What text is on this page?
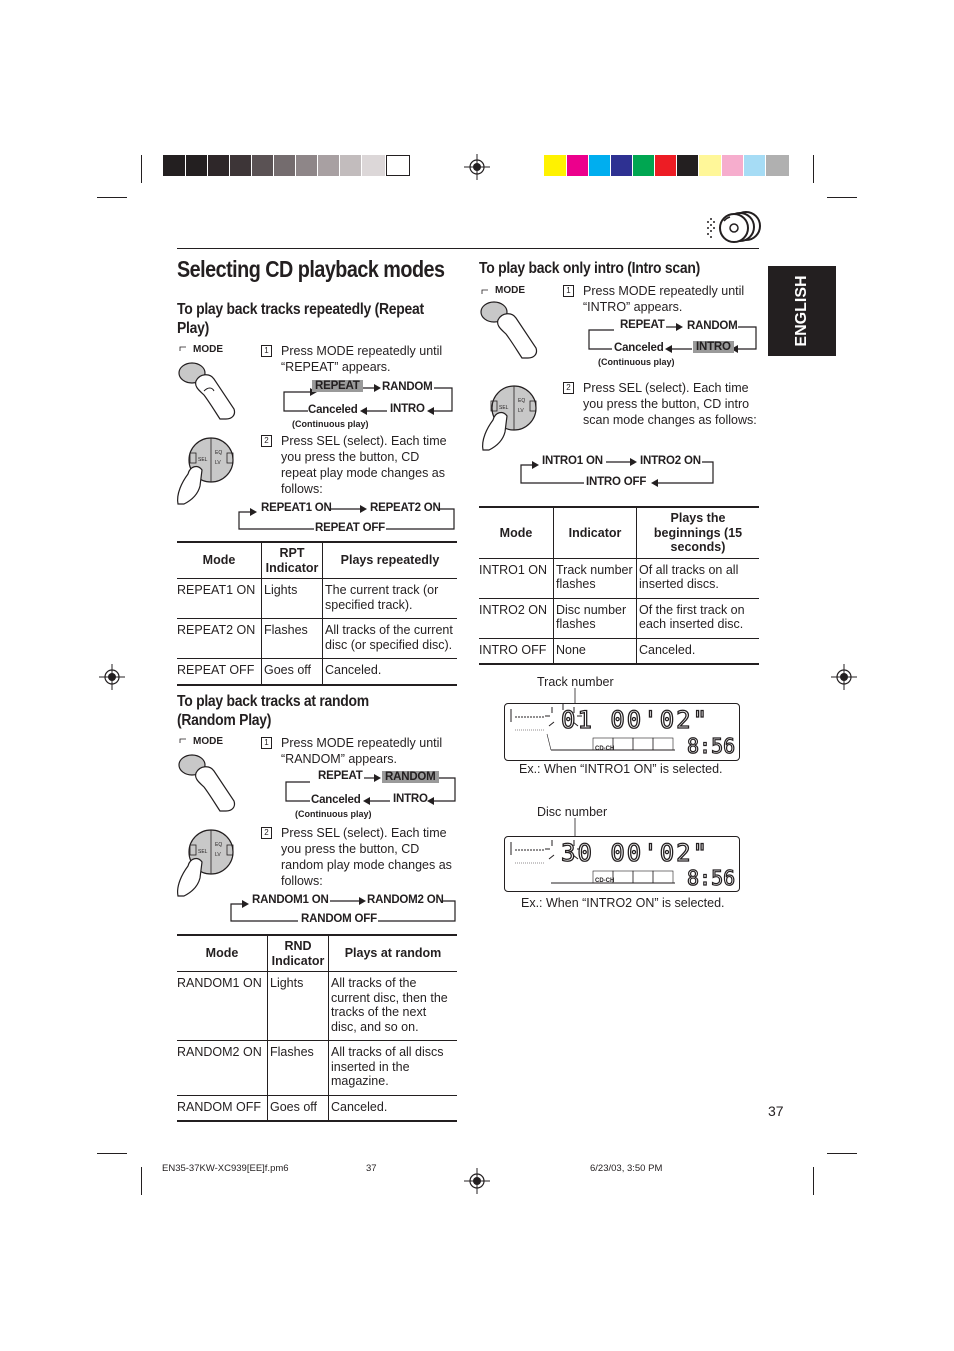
Selecting CD playback modes
ENGLISH
To play back tracks repeatedly (Repeat Play)
MODE	1 Press MODE repeatedly until “REPEAT” appears.
REPEAT RANDOM
INTRO
Canceled
(Continuous play)
SEL
EQ
LV
2 Press SEL (select). Each time you press the button, CD repeat play mode changes as follows:
REPEAT1 ON	REPEAT2 ON
REPEAT OFF
Mode	RPT Indicator	Plays repeatedly
REPEAT1 ON	Lights	The current track (or specified track).
REPEAT2 ON	Flashes	All tracks of the current disc (or specified disc).
REPEAT OFF	Goes off	Canceled.
To play back tracks at random (Random Play)
MODE	1 Press MODE repeatedly until “RANDOM” appears.
REPEAT RANDOM
INTRO
Canceled
(Continuous play)
SEL
EQ
LV
2 Press SEL (select). Each time you press the button, CD random play mode changes as follows:
RANDOM1 ON	RANDOM2 ON
RANDOM OFF
Mode	RND Indicator	Plays at random
RANDOM1 ON	Lights	All tracks of the current disc, then the tracks of the next disc, and so on.
RANDOM2 ON	Flashes	All tracks of all discs inserted in the magazine.
RANDOM OFF	Goes off	Canceled.
To play back only intro (Intro scan)
MODE	1 Press MODE repeatedly until “INTRO” appears.
REPEAT RANDOM
INTRO
Canceled
(Continuous play)
SEL
EQ
LV
2 Press SEL (select). Each time you press the button, CD intro scan mode changes as follows:
INTRO1 ON	INTRO2 ON
INTRO OFF
Mode	Indicator	Plays the beginnings (15 seconds)
INTRO1 ON	Track number flashes	Of all tracks on all inserted discs.
INTRO2 ON	Disc number flashes	Of the first track on each inserted disc.
INTRO OFF	None	Canceled.
Track number
01 00'02"
8:56
CD-CH
Ex.: When “INTRO1 ON” is selected.
Disc number
30 00'02"
8:56
CD-CH
Ex.: When “INTRO2 ON” is selected.
37
EN35-37KW-XC939[EE]f.pm6	37	6/23/03, 3:50 PM
